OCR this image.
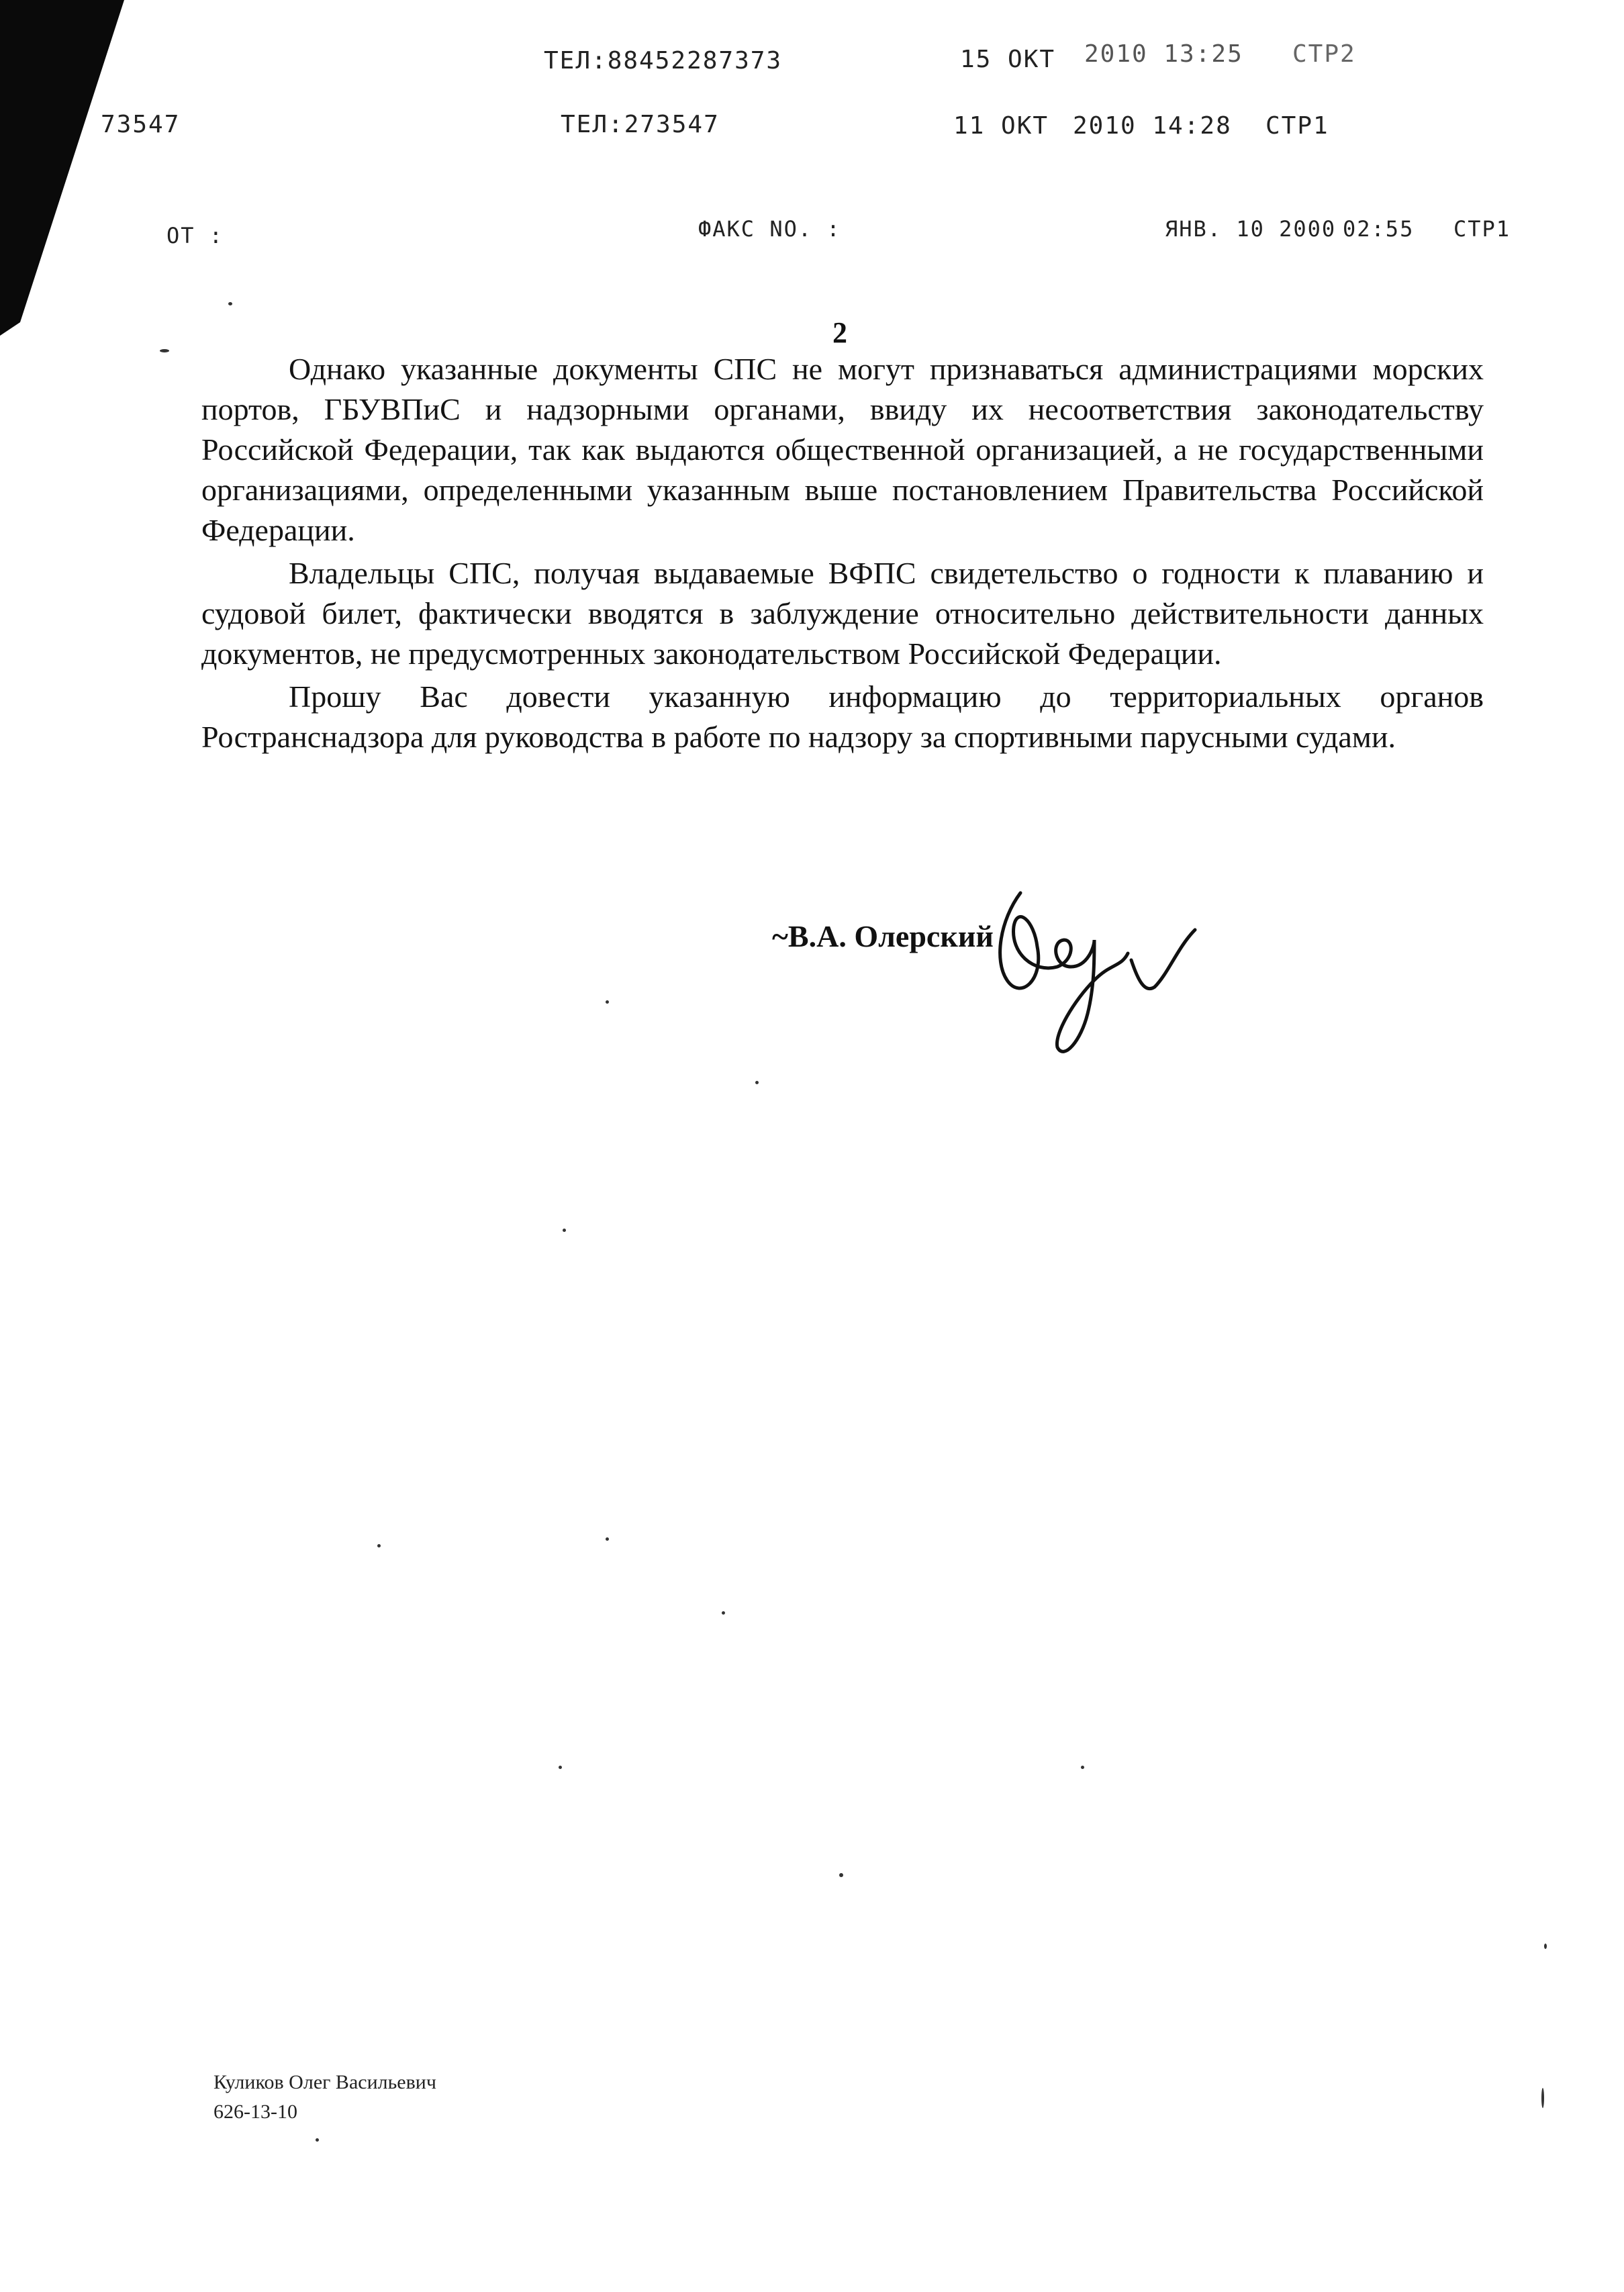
ТЕЛ:88452287373	15 ОКТ 2010 13:25 СТР2
73547	ТЕЛ:273547	11 ОКТ 2010 14:28 СТР1
ОТ :	ФАКС NO. :	ЯНВ. 10 2000 02:55 СТР1
2

Однако указанные документы СПС не могут признаваться администрациями морских портов, ГБУВПиС и надзорными органами, ввиду их несоответствия законодательству Российской Федерации, так как выдаются общественной организацией, а не государственными организациями, определенными указанным выше постановлением Правительства Российской Федерации.

Владельцы СПС, получая выдаваемые ВФПС свидетельство о годности к плаванию и судовой билет, фактически вводятся в заблуждение относительно действительности данных документов, не предусмотренных законодательством Российской Федерации.

Прошу Вас довести указанную информацию до территориальных органов Ространснадзора для руководства в работе по надзору за спортивными парусными судами.

~В.А. Олерский
Куликов Олег Васильевич
626-13-10
